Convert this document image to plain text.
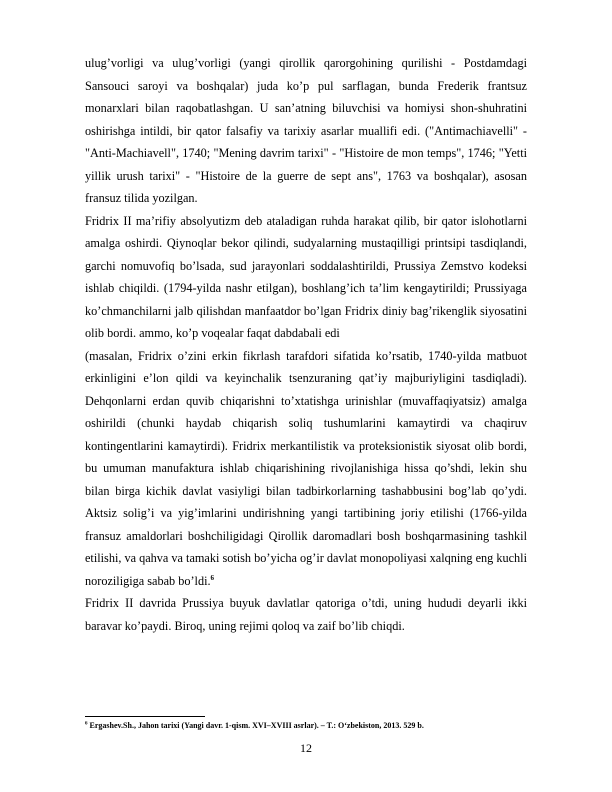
ulug’vorligi va ulug’vorligi (yangi qirollik qarorgohining qurilishi - Postdamdagi Sansouci saroyi va boshqalar) juda ko’p pul sarflagan, bunda Frederik frantsuz monarxlari bilan raqobatlashgan. U san’atning biluvchisi va homiysi shon-shuhratini oshirishga intildi, bir qator falsafiy va tarixiy asarlar muallifi edi. ("Antimachiavelli" - "Anti-Machiavell", 1740; "Mening davrim tarixi" - "Histoire de mon temps", 1746; "Yetti yillik urush tarixi" - "Histoire de la guerre de sept ans", 1763 va boshqalar), asosan fransuz tilida yozilgan.

Fridrix II ma’rifiy absolyutizm deb ataladigan ruhda harakat qilib, bir qator islohotlarni amalga oshirdi. Qiynoqlar bekor qilindi, sudyalarning mustaqilligi printsipi tasdiqlandi, garchi nomuvofiq bo’lsada, sud jarayonlari soddalashtirildi, Prussiya Zemstvo kodeksi ishlab chiqildi. (1794-yilda nashr etilgan), boshlang’ich ta’lim kengaytirildi; Prussiyaga ko’chmanchilarni jalb qilishdan manfaatdor bo’lgan Fridrix diniy bag’rikenglik siyosatini olib bordi. ammo, ko’p voqealar faqat dabdabali edi

(masalan, Fridrix o’zini erkin fikrlash tarafdori sifatida ko’rsatib, 1740-yilda matbuot erkinligini e’lon qildi va keyinchalik tsenzuraning qat’iy majburiyligini tasdiqladi). Dehqonlarni erdan quvib chiqarishni to’xtatishga urinishlar (muvaffaqiyatsiz) amalga oshirildi (chunki haydab chiqarish soliq tushumlarini kamaytirdi va chaqiruv kontingentlarini kamaytirdi). Fridrix merkantilistik va proteksionistik siyosat olib bordi, bu umuman manufaktura ishlab chiqarishining rivojlanishiga hissa qo’shdi, lekin shu bilan birga kichik davlat vasiyligi bilan tadbirkorlarning tashabbusini bog’lab qo’ydi. Aktsiz solig’i va yig’imlarini undirishning yangi tartibining joriy etilishi (1766-yilda fransuz amaldorlari boshchiligidagi Qirollik daromadlari bosh boshqarmasining tashkil etilishi, va qahva va tamaki sotish bo’yicha og’ir davlat monopoliyasi xalqning eng kuchli noroziligiga sabab bo’ldi.$^6$

Fridrix II davrida Prussiya buyuk davlatlar qatoriga o’tdi, uning hududi deyarli ikki baravar ko’paydi. Biroq, uning rejimi qoloq va zaif bo’lib chiqdi.

$^6$ Ergashev.Sh., Jahon tarixi (Yangi davr. 1-qism. XVI–XVIII asrlar). – T.: O‘zbekiston, 2013. 529 b.

12
